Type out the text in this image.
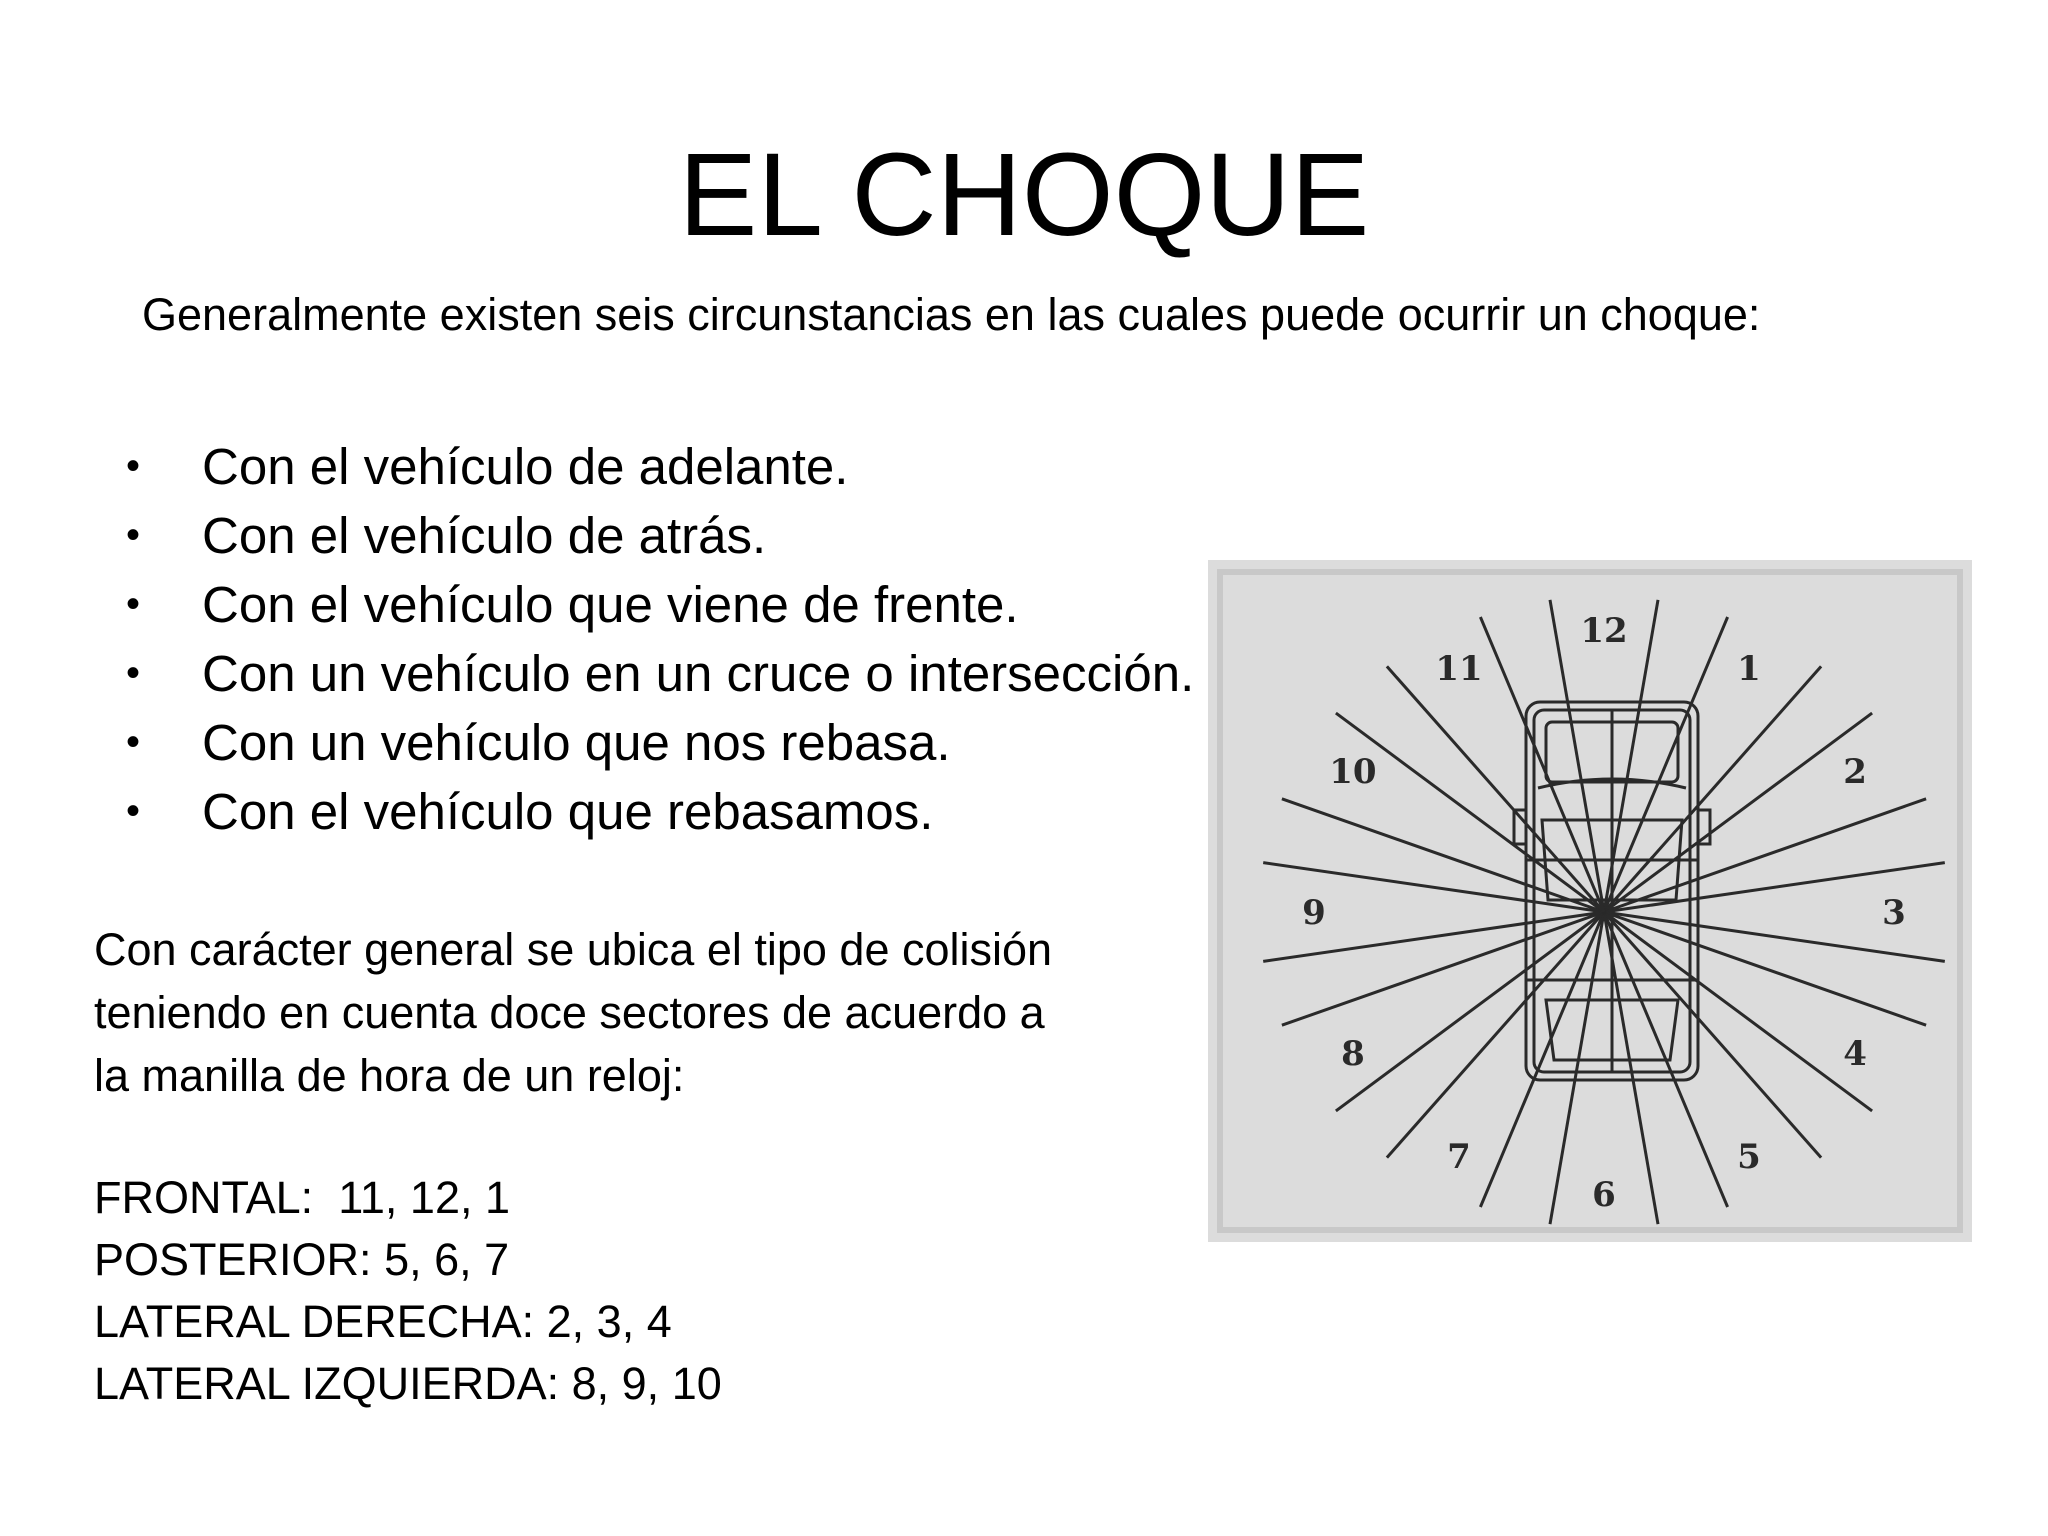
EL CHOQUE
Generalmente existen seis circunstancias en las cuales puede ocurrir un choque:
•	Con el vehículo de adelante.
•	Con el vehículo de atrás.
•	Con el vehículo que viene de frente.
•	Con un vehículo en un cruce o intersección.
•	Con un vehículo que nos rebasa.
•	Con el vehículo que rebasamos.

Con carácter general se ubica el tipo de colisión

teniendo en cuenta doce sectores de acuerdo a

la manilla de hora de un reloj:

FRONTAL: 11, 12, 1
POSTERIOR: 5, 6, 7
LATERAL DERECHA: 2, 3, 4
LATERAL IZQUIERDA: 8, 9, 10
12
1
2
3
4
5
6
7
8
9
10
11
